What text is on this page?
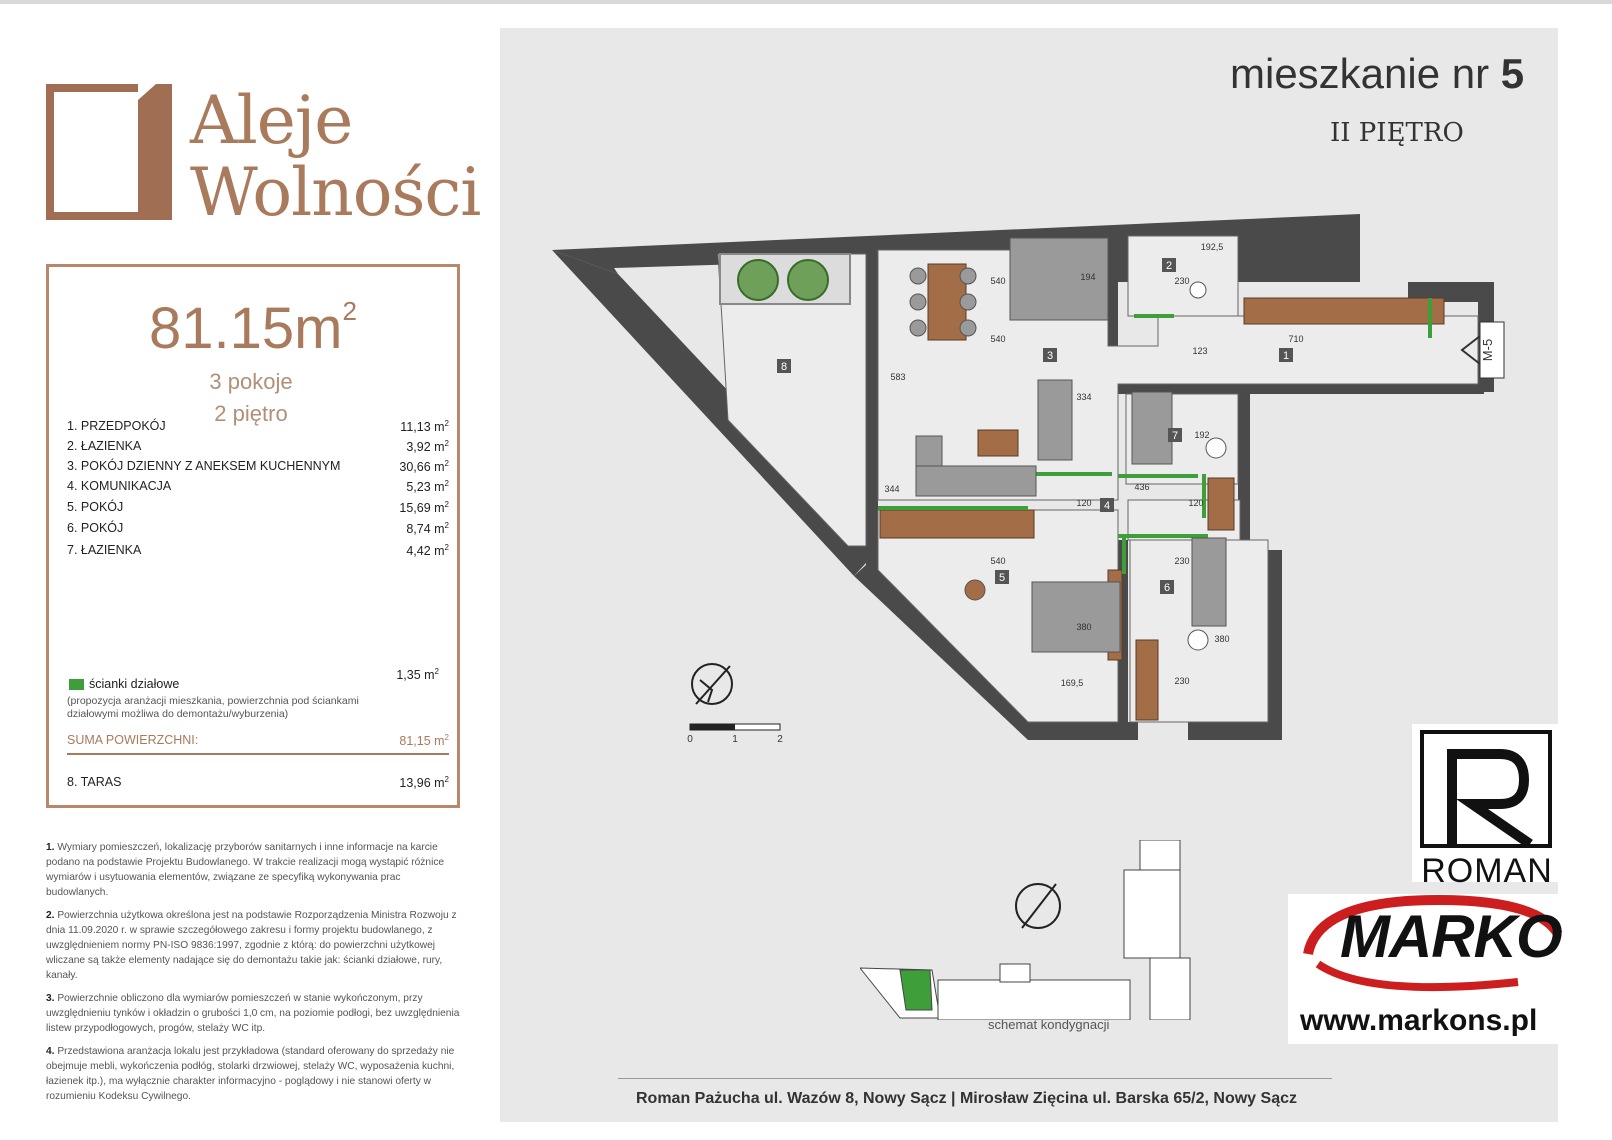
Aleje
Wolności
$81.15m^2$
3 pokoje
2 piętro
1. PRZEDPOKÓJ	11,13 $m^2$
2. ŁAZIENKA	3,92 $m^2$
3. POKÓJ DZIENNY Z ANEKSEM KUCHENNYM	30,66 $m^2$
4. KOMUNIKACJA	5,23 $m^2$
5. POKÓJ	15,69 $m^2$
6. POKÓJ	8,74 $m^2$
7. ŁAZIENKA	4,42 $m^2$
ścianki działowe
1,35 $m^2$
(propozycja aranżacji mieszkania, powierzchnia pod ściankami działowymi możliwa do demontażu/wyburzenia)
SUMA POWIERZCHNI:	81,15 $m^2$
8. TARAS	13,96 $m^2$

1. Wymiary pomieszczeń, lokalizację przyborów sanitarnych i inne informacje na karcie podano na podstawie Projektu Budowlanego. W trakcie realizacji mogą wystąpić różnice wymiarów i usytuowania elementów, związane ze specyfiką wykonywania prac budowlanych.

2. Powierzchnia użytkowa określona jest na podstawie Rozporządzenia Ministra Rozwoju z dnia 11.09.2020 r. w sprawie szczegółowego zakresu i formy projektu budowlanego, z uwzględnieniem normy PN-ISO 9836:1997, zgodnie z którą: do powierzchni użytkowej wliczane są także elementy nadające się do demontażu takie jak: ścianki działowe, rury, kanały.

3. Powierzchnie obliczono dla wymiarów pomieszczeń w stanie wykończonym, przy uwzględnieniu tynków i okładzin o grubości 1,0 cm, na poziomie podłogi, bez uwzględnienia listew przypodłogowych, progów, stelaży WC itp.

4. Przedstawiona aranżacja lokalu jest przykładowa (standard oferowany do sprzedaży nie obejmuje mebli, wykończenia podłóg, stolarki drzwiowej, stelaży WC, wyposażenia kuchni, łazienek itp.), ma wyłącznie charakter informacyjno - poglądowy i nie stanowi oferty w rozumieniu Kodeksu Cywilnego.

mieszkanie nr 5
II PIĘTRO
1
2
3
4
5
6
7
8
540
540	710
583
334
344	436
120	120
540	230
380
169,5	230
380
230
192,5
123
194
192
M-5
0	1	2
schemat kondygnacji
ROMAN
MARKO
www.markons.pl
Roman Pażucha ul. Wazów 8, Nowy Sącz | Mirosław Zięcina ul. Barska 65/2, Nowy Sącz
